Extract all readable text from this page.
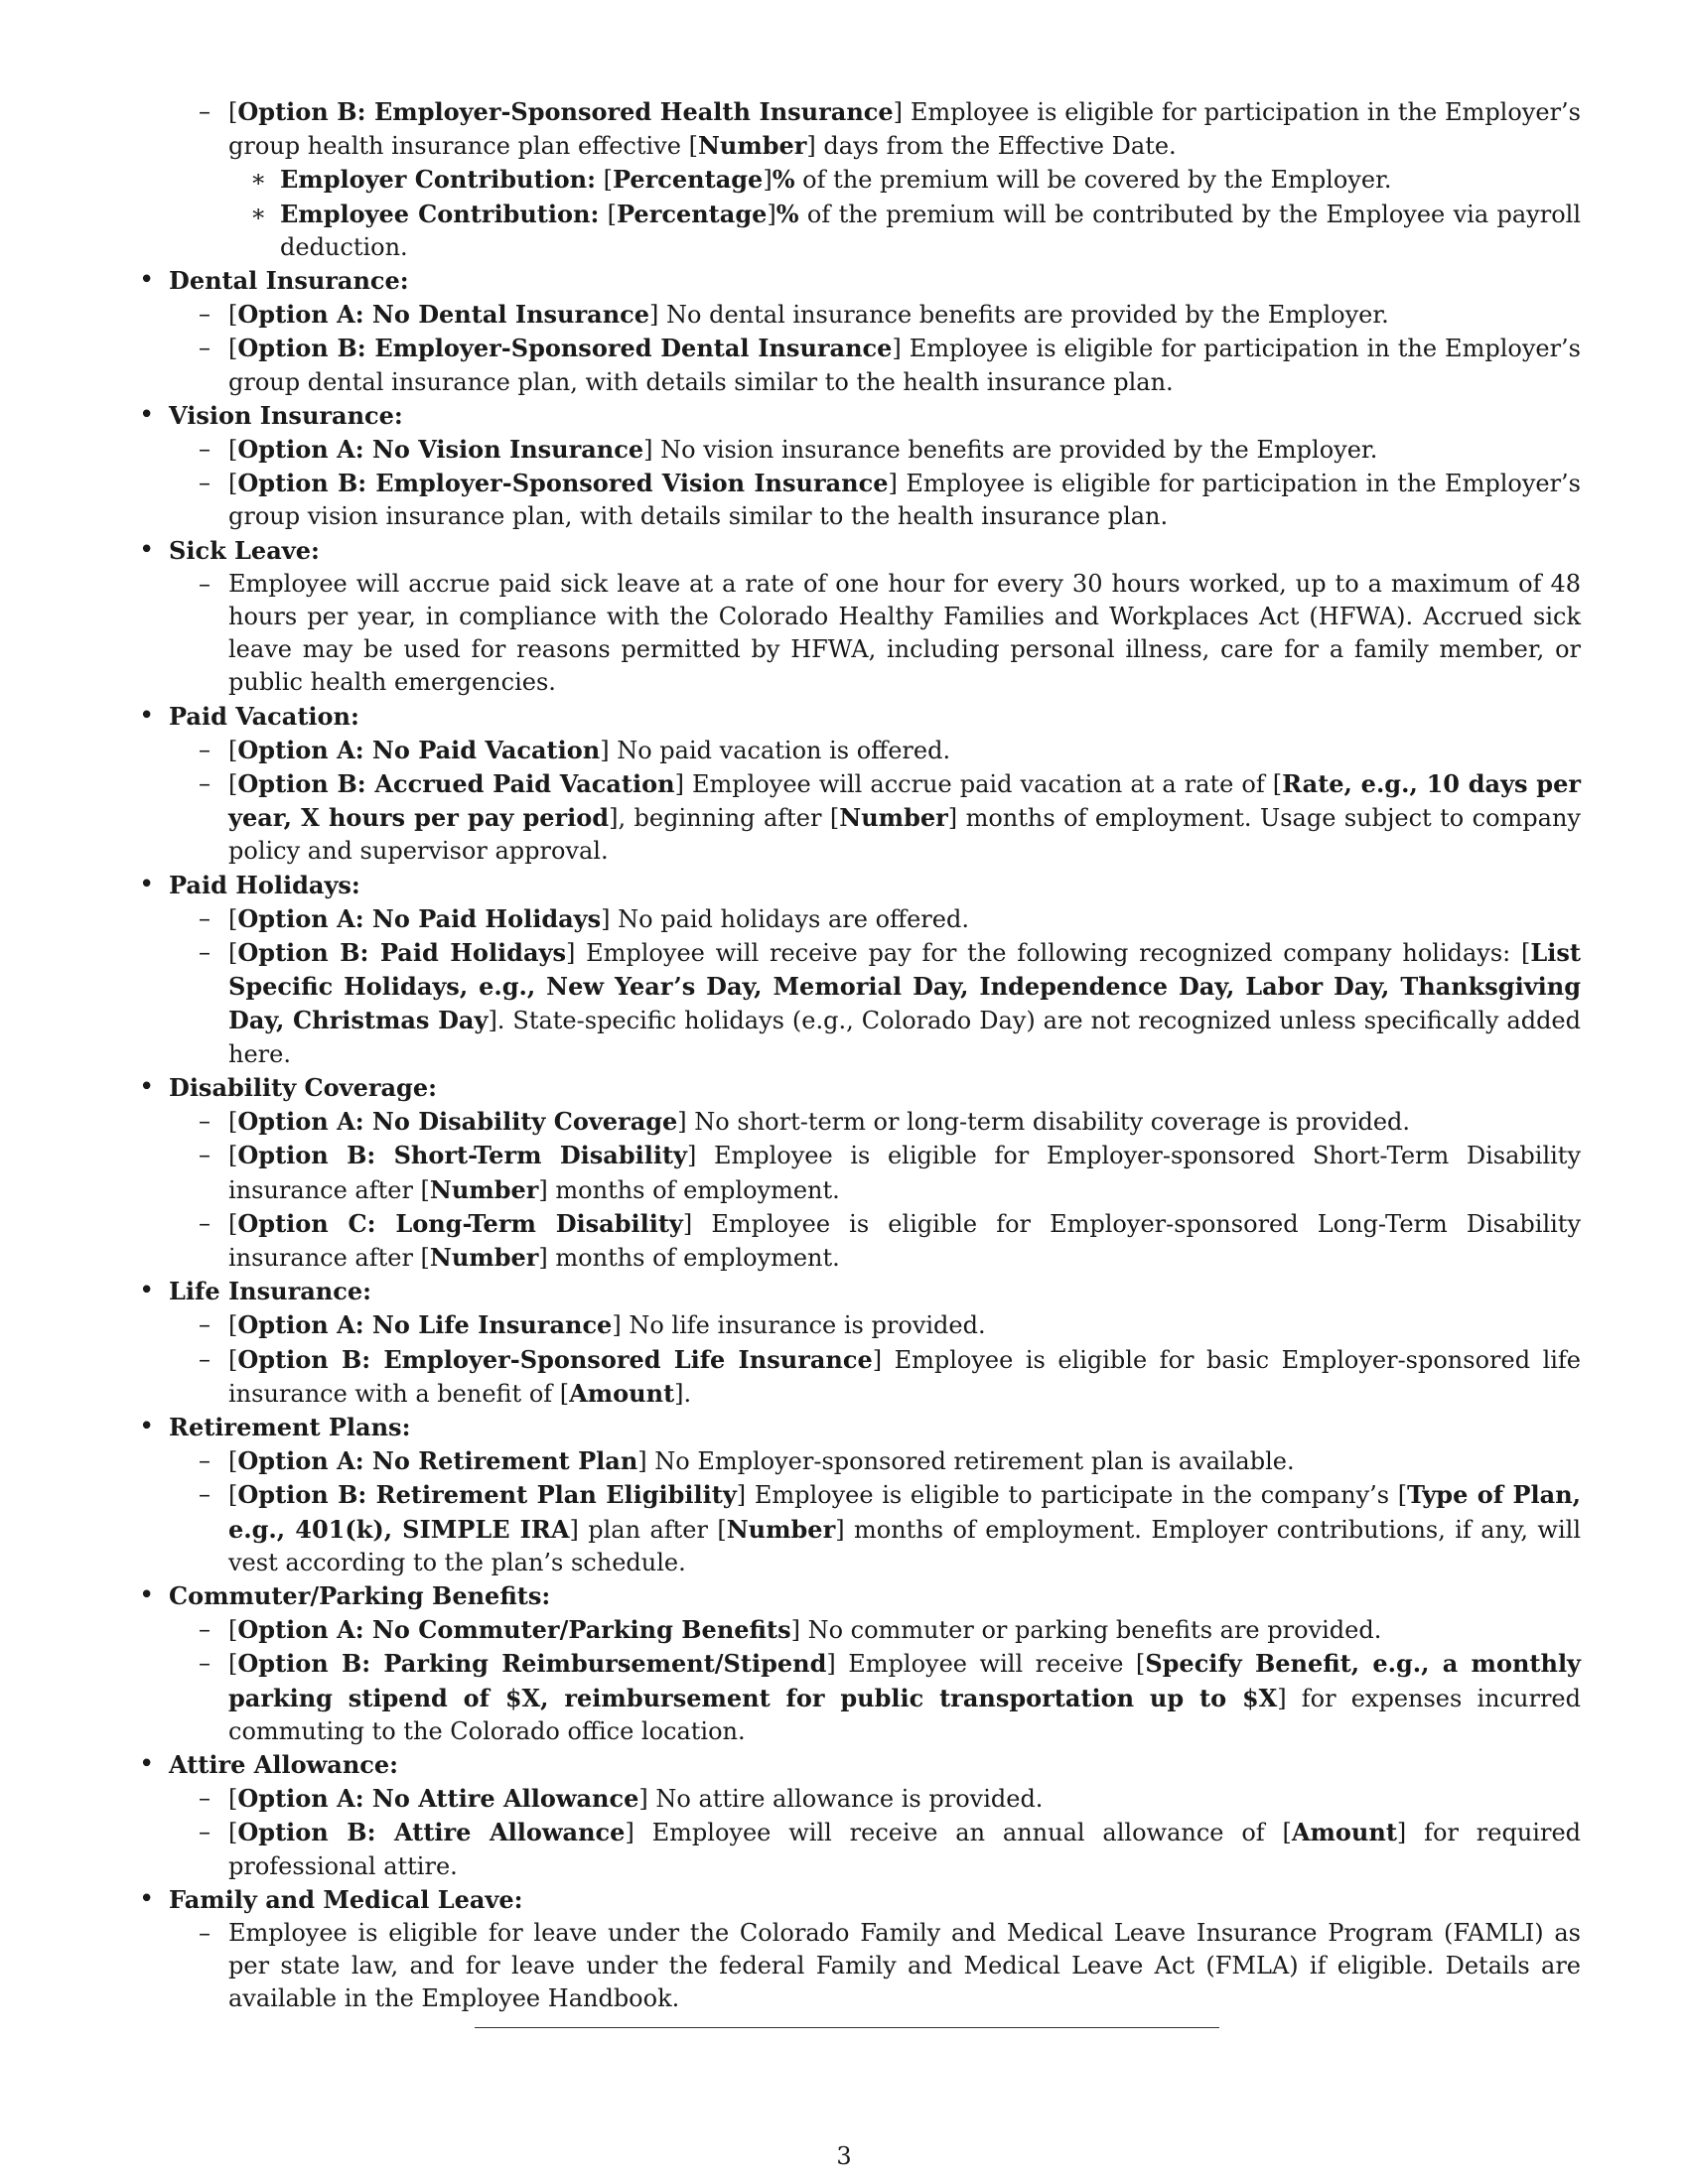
– [Option B: Employer-Sponsored Health Insurance] Employee is eligible for participation in the Employer’s group health insurance plan effective [Number] days from the Effective Date.
∗ Employer Contribution: [Percentage]% of the premium will be covered by the Employer.
∗ Employee Contribution: [Percentage]% of the premium will be contributed by the Employee via payroll deduction.
• Dental Insurance:
– [Option A: No Dental Insurance] No dental insurance benefits are provided by the Employer.
– [Option B: Employer-Sponsored Dental Insurance] Employee is eligible for participation in the Employer’s group dental insurance plan, with details similar to the health insurance plan.
• Vision Insurance:
– [Option A: No Vision Insurance] No vision insurance benefits are provided by the Employer.
– [Option B: Employer-Sponsored Vision Insurance] Employee is eligible for participation in the Employer’s group vision insurance plan, with details similar to the health insurance plan.
• Sick Leave:
– Employee will accrue paid sick leave at a rate of one hour for every 30 hours worked, up to a maximum of 48 hours per year, in compliance with the Colorado Healthy Families and Workplaces Act (HFWA). Accrued sick leave may be used for reasons permitted by HFWA, including personal illness, care for a family member, or public health emergencies.
• Paid Vacation:
– [Option A: No Paid Vacation] No paid vacation is offered.
– [Option B: Accrued Paid Vacation] Employee will accrue paid vacation at a rate of [Rate, e.g., 10 days per year, X hours per pay period], beginning after [Number] months of employment. Usage subject to company policy and supervisor approval.
• Paid Holidays:
– [Option A: No Paid Holidays] No paid holidays are offered.
– [Option B: Paid Holidays] Employee will receive pay for the following recognized company holidays: [List Specific Holidays, e.g., New Year’s Day, Memorial Day, Independence Day, Labor Day, Thanksgiving Day, Christmas Day]. State-specific holidays (e.g., Colorado Day) are not recognized unless specifically added here.
• Disability Coverage:
– [Option A: No Disability Coverage] No short-term or long-term disability coverage is provided.
– [Option B: Short-Term Disability] Employee is eligible for Employer-sponsored Short-Term Disability insurance after [Number] months of employment.
– [Option C: Long-Term Disability] Employee is eligible for Employer-sponsored Long-Term Disability insurance after [Number] months of employment.
• Life Insurance:
– [Option A: No Life Insurance] No life insurance is provided.
– [Option B: Employer-Sponsored Life Insurance] Employee is eligible for basic Employer-sponsored life insurance with a benefit of [Amount].
• Retirement Plans:
– [Option A: No Retirement Plan] No Employer-sponsored retirement plan is available.
– [Option B: Retirement Plan Eligibility] Employee is eligible to participate in the company’s [Type of Plan, e.g., 401(k), SIMPLE IRA] plan after [Number] months of employment. Employer contributions, if any, will vest according to the plan’s schedule.
• Commuter/Parking Benefits:
– [Option A: No Commuter/Parking Benefits] No commuter or parking benefits are provided.
– [Option B: Parking Reimbursement/Stipend] Employee will receive [Specify Benefit, e.g., a monthly parking stipend of $X, reimbursement for public transportation up to $X] for expenses incurred commuting to the Colorado office location.
• Attire Allowance:
– [Option A: No Attire Allowance] No attire allowance is provided.
– [Option B: Attire Allowance] Employee will receive an annual allowance of [Amount] for required professional attire.
• Family and Medical Leave:
– Employee is eligible for leave under the Colorado Family and Medical Leave Insurance Program (FAMLI) as per state law, and for leave under the federal Family and Medical Leave Act (FMLA) if eligible. Details are available in the Employee Handbook.
3
